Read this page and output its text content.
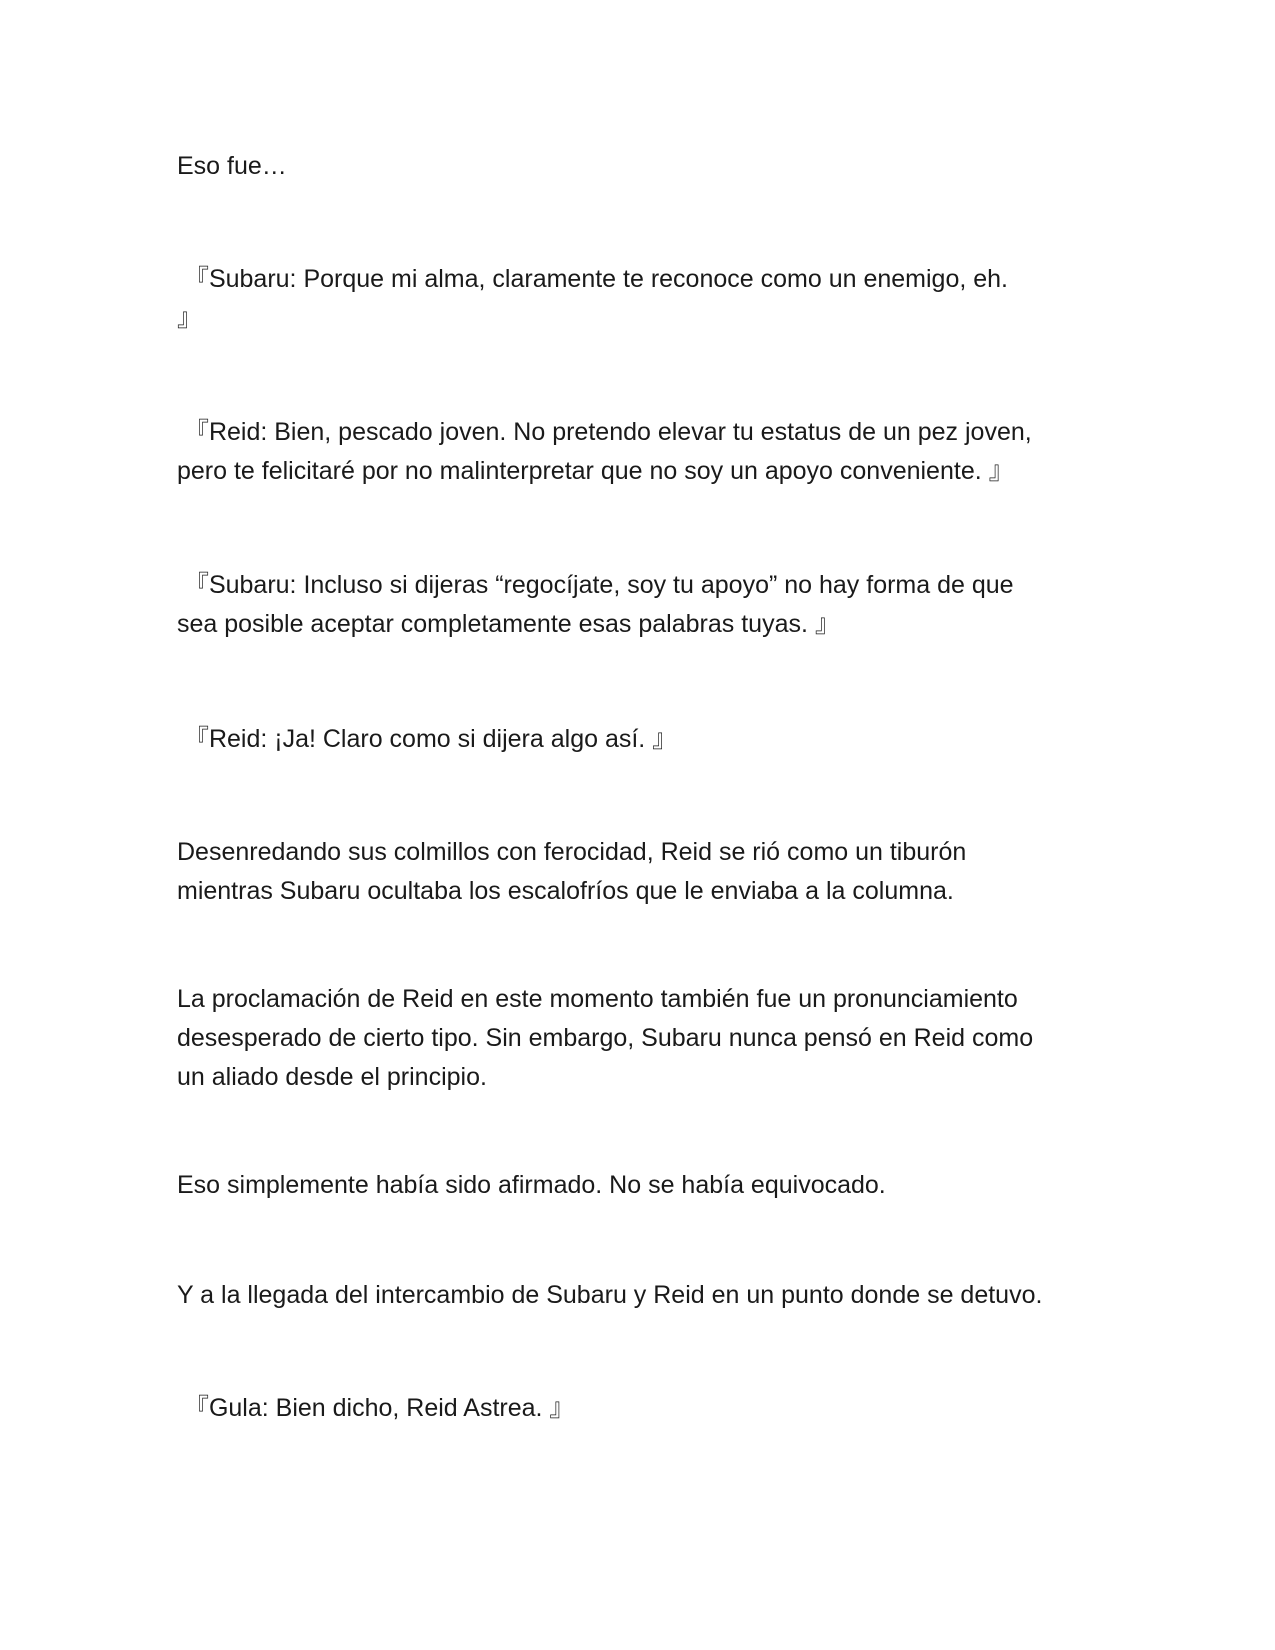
Eso fue…

『Subaru: Porque mi alma, claramente te reconoce como un enemigo, eh.
』

『Reid: Bien, pescado joven. No pretendo elevar tu estatus de un pez joven,
pero te felicitaré por no malinterpretar que no soy un apoyo conveniente. 』

『Subaru: Incluso si dijeras “regocíjate, soy tu apoyo” no hay forma de que
sea posible aceptar completamente esas palabras tuyas. 』

『Reid: ¡Ja! Claro como si dijera algo así. 』

Desenredando sus colmillos con ferocidad, Reid se rió como un tiburón
mientras Subaru ocultaba los escalofríos que le enviaba a la columna.

La proclamación de Reid en este momento también fue un pronunciamiento
desesperado de cierto tipo. Sin embargo, Subaru nunca pensó en Reid como
un aliado desde el principio.

Eso simplemente había sido afirmado. No se había equivocado.

Y a la llegada del intercambio de Subaru y Reid en un punto donde se detuvo.

『Gula: Bien dicho, Reid Astrea. 』
